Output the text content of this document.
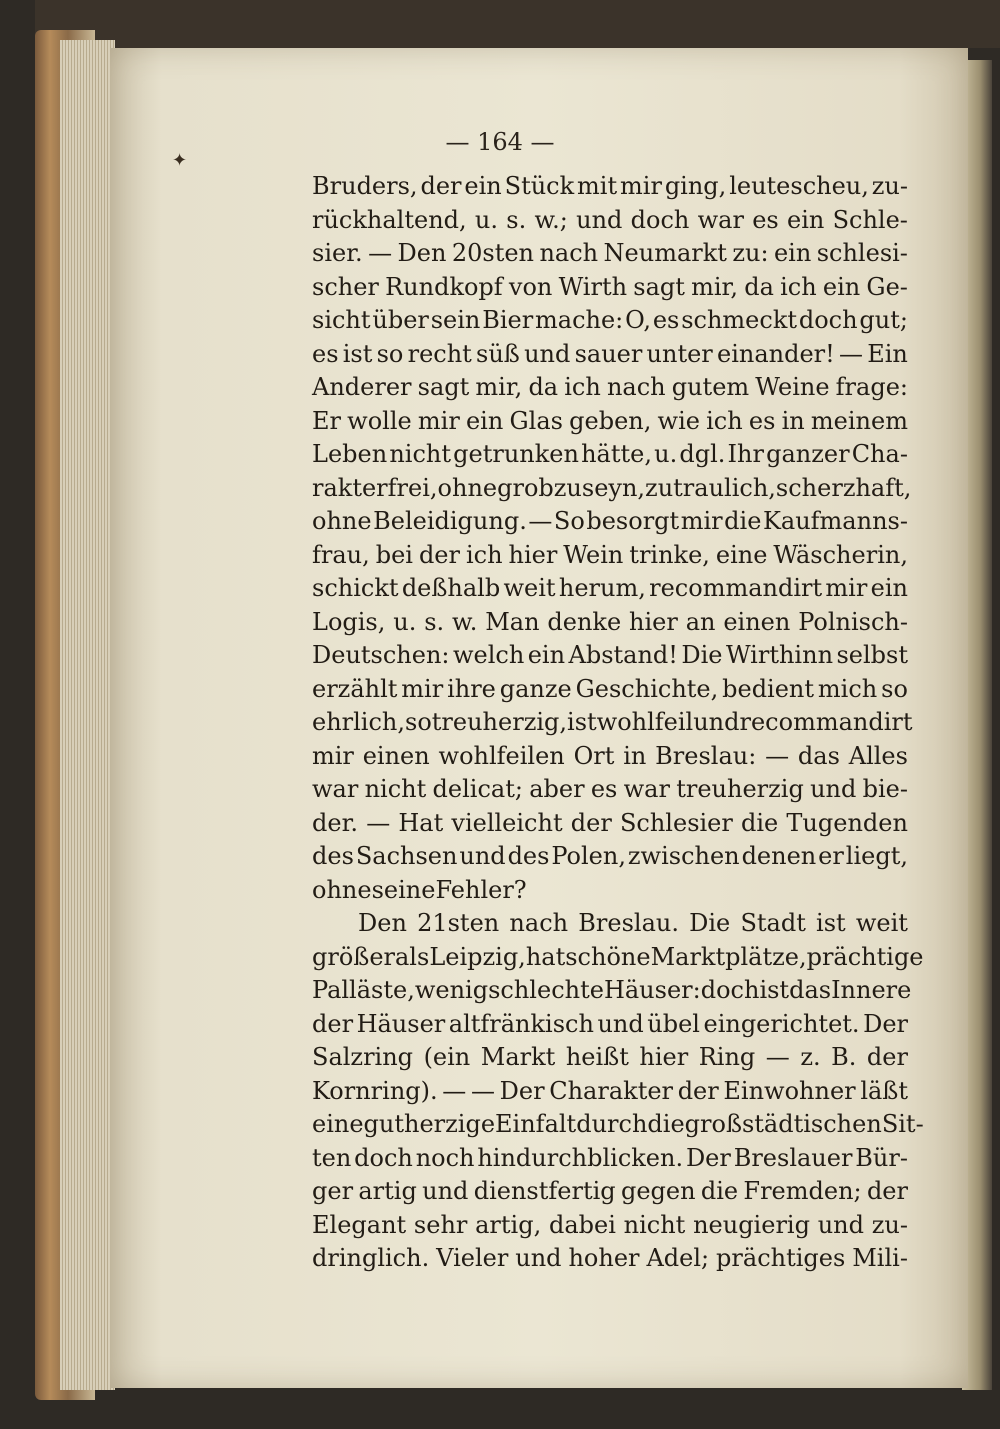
✦
— 164 —
Bruders, der ein Stück mit mir ging, leutescheu, zu-
rückhaltend, u. s. w.; und doch war es ein Schle-
sier. — Den 20sten nach Neumarkt zu: ein schlesi-
scher Rundkopf von Wirth sagt mir, da ich ein Ge-
sicht über sein Bier mache: O, es schmeckt doch gut;
es ist so recht süß und sauer unter einander! — Ein
Anderer sagt mir, da ich nach gutem Weine frage:
Er wolle mir ein Glas geben, wie ich es in meinem
Leben nicht getrunken hätte, u. dgl. Ihr ganzer Cha-
rakter frei, ohne grob zu seyn, zutraulich, scherzhaft,
ohne Beleidigung. — So besorgt mir die Kaufmanns-
frau, bei der ich hier Wein trinke, eine Wäscherin,
schickt deßhalb weit herum, recommandirt mir ein
Logis, u. s. w. Man denke hier an einen Polnisch-
Deutschen: welch ein Abstand! Die Wirthinn selbst
erzählt mir ihre ganze Geschichte, bedient mich so
ehrlich, so treuherzig, ist wohlfeil und recommandirt
mir einen wohlfeilen Ort in Breslau: — das Alles
war nicht delicat; aber es war treuherzig und bie-
der. — Hat vielleicht der Schlesier die Tugenden
des Sachsen und des Polen, zwischen denen er liegt,
ohne seine Fehler?
Den 21sten nach Breslau. Die Stadt ist weit
größer als Leipzig, hat schöne Marktplätze, prächtige
Palläste, wenig schlechte Häuser: doch ist das Innere
der Häuser altfränkisch und übel eingerichtet. Der
Salzring (ein Markt heißt hier Ring — z. B. der
Kornring). — — Der Charakter der Einwohner läßt
eine gutherzige Einfalt durch die großstädtischen Sit-
ten doch noch hindurchblicken. Der Breslauer Bür-
ger artig und dienstfertig gegen die Fremden; der
Elegant sehr artig, dabei nicht neugierig und zu-
dringlich. Vieler und hoher Adel; prächtiges Mili-
